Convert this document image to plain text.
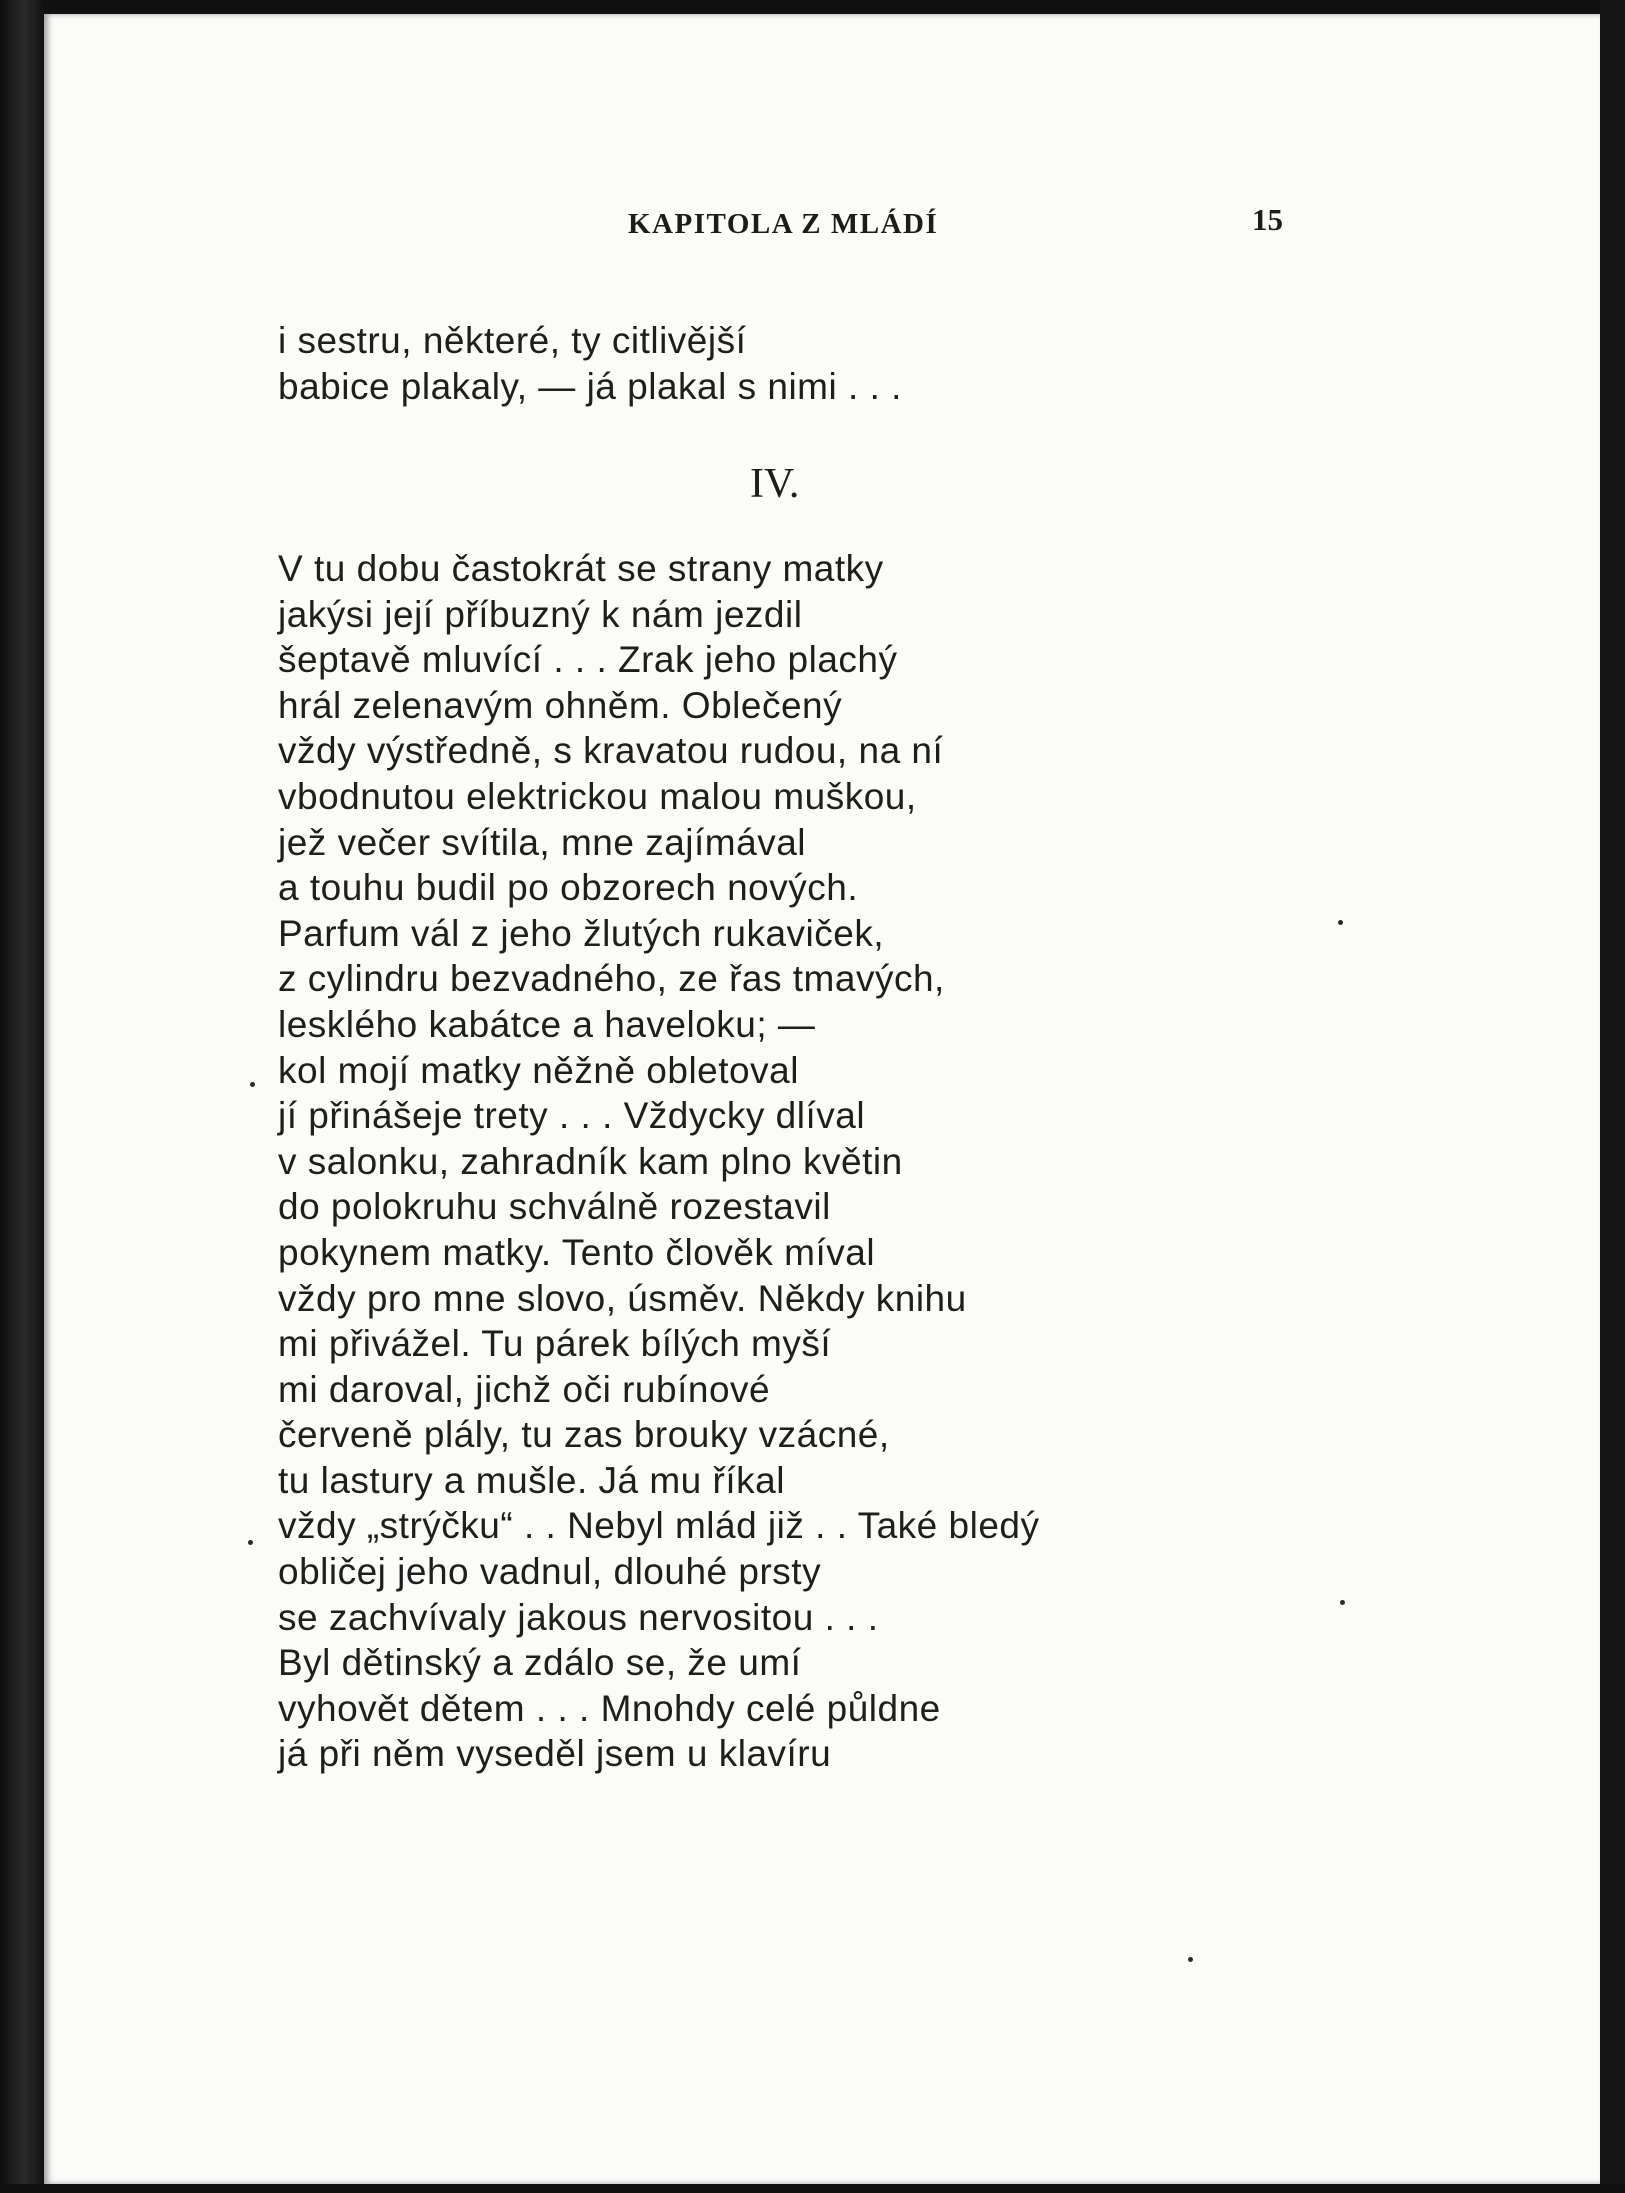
KAPITOLA Z MLÁDÍ	15
i sestru, některé, ty citlivější
babice plakaly, — já plakal s nimi . . .
IV.
V tu dobu častokrát se strany matky
jakýsi její příbuzný k nám jezdil
šeptavě mluvící . . . Zrak jeho plachý
hrál zelenavým ohněm. Oblečený
vždy výstředně, s kravatou rudou, na ní
vbodnutou elektrickou malou muškou,
jež večer svítila, mne zajímával
a touhu budil po obzorech nových.
Parfum vál z jeho žlutých rukaviček,
z cylindru bezvadného, ze řas tmavých,
lesklého kabátce a haveloku; —
kol mojí matky něžně obletoval
jí přinášeje trety . . . Vždycky dlíval
v salonku, zahradník kam plno květin
do polokruhu schválně rozestavil
pokynem matky. Tento člověk míval
vždy pro mne slovo, úsměv. Někdy knihu
mi přivážel. Tu párek bílých myší
mi daroval, jichž oči rubínové
červeně plály, tu zas brouky vzácné,
tu lastury a mušle. Já mu říkal
vždy „strýčku“ . . Nebyl mlád již . . Také bledý
obličej jeho vadnul, dlouhé prsty
se zachvívaly jakous nervositou . . .
Byl dětinský a zdálo se, že umí
vyhovět dětem . . . Mnohdy celé půldne
já při něm vyseděl jsem u klavíru
